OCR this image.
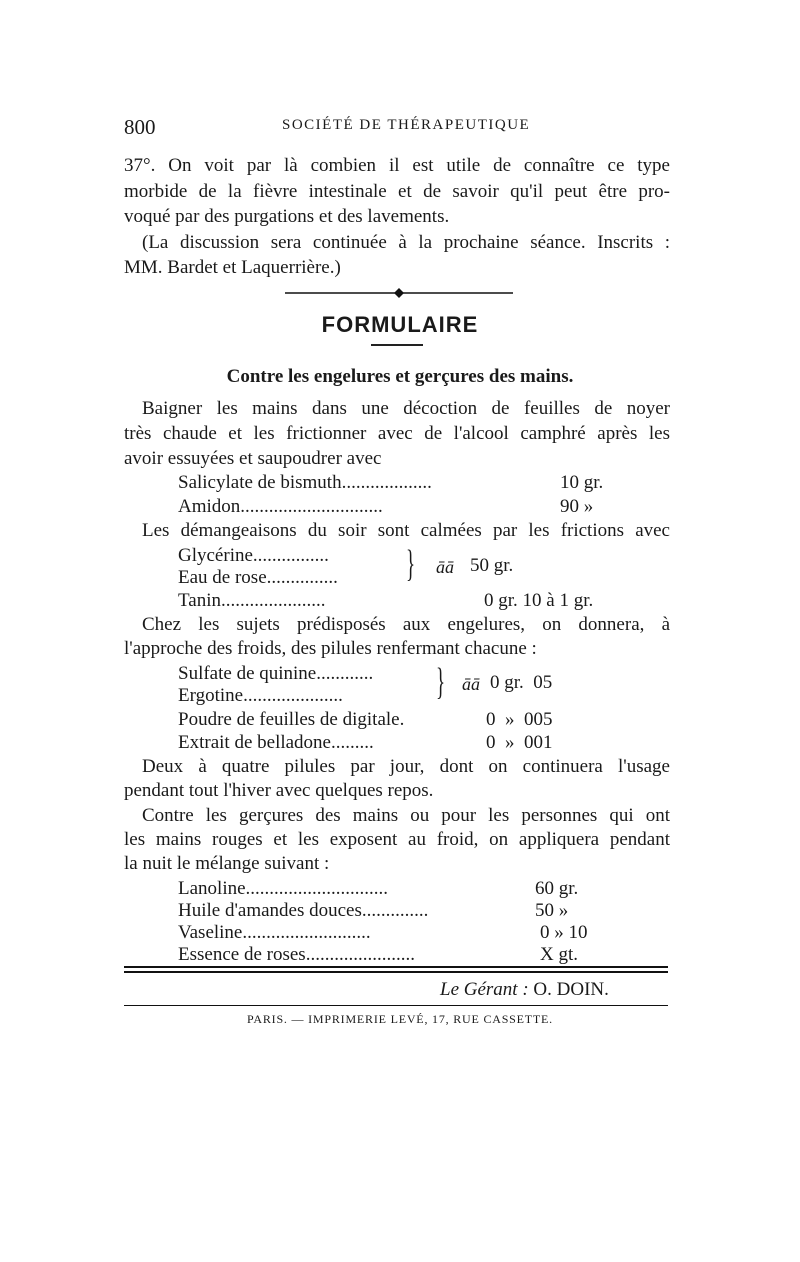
800	SOCIÉTÉ DE THÉRAPEUTIQUE
37°. On voit par là combien il est utile de connaître ce type
morbide de la fièvre intestinale et de savoir qu'il peut être pro-
voqué par des purgations et des lavements.
(La discussion sera continuée à la prochaine séance. Inscrits :
MM. Bardet et Laquerrière.)
FORMULAIRE
Contre les engelures et gerçures des mains.
Baigner les mains dans une décoction de feuilles de noyer
très chaude et les frictionner avec de l'alcool camphré après les
avoir essuyées et saupoudrer avec
Salicylate de bismuth...................	10 gr.
Amidon..............................	90 »
Les démangeaisons du soir sont calmées par les frictions avec
Glycérine................
Eau de rose............... } āā 50 gr.
Tanin......................	0 gr. 10 à 1 gr.
Chez les sujets prédisposés aux engelures, on donnera, à
l'approche des froids, des pilules renfermant chacune :
Sulfate de quinine............
Ergotine..................... } āā 0 gr.  05
Poudre de feuilles de digitale.	0  »  005
Extrait de belladone.........	0  »  001
Deux à quatre pilules par jour, dont on continuera l'usage
pendant tout l'hiver avec quelques repos.
Contre les gerçures des mains ou pour les personnes qui ont
les mains rouges et les exposent au froid, on appliquera pendant
la nuit le mélange suivant :
Lanoline..............................	60 gr.
Huile d'amandes douces..............	50 »
Vaseline...........................	0 » 10
Essence de roses.......................	X gt.
Le Gérant : O. DOIN.
PARIS. — IMPRIMERIE LEVÉ, 17, RUE CASSETTE.
